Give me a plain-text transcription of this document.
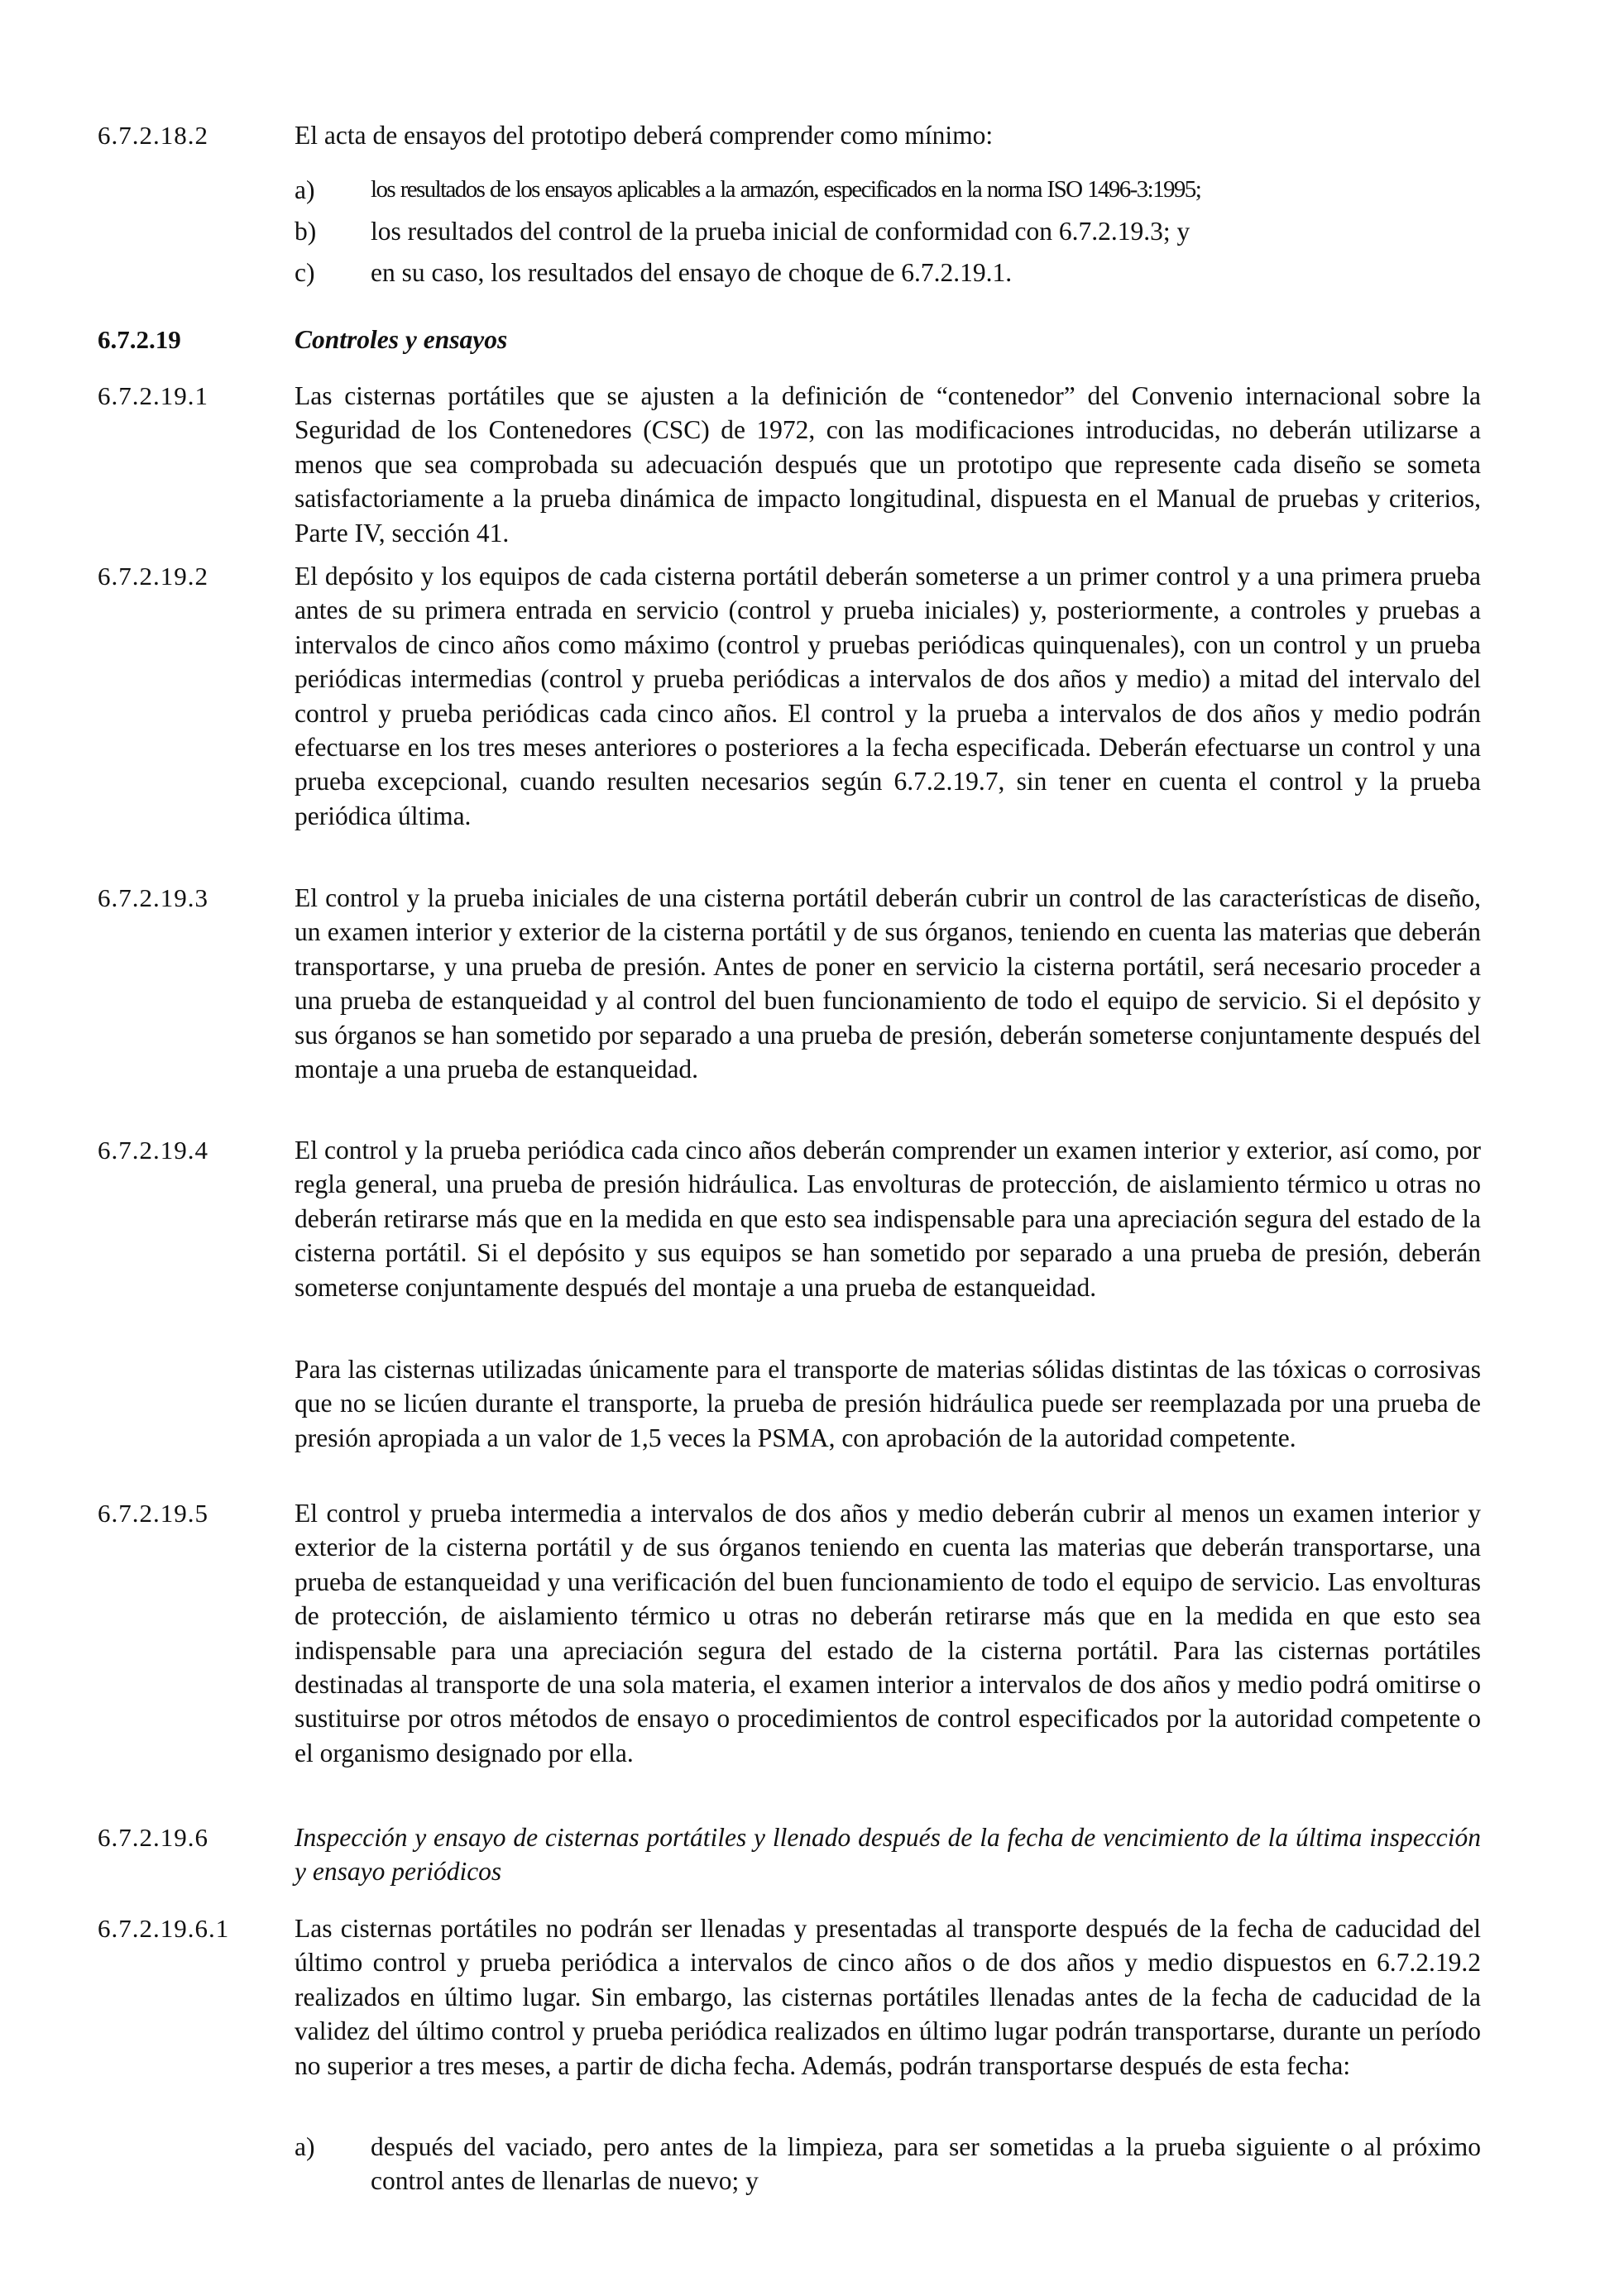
6.7.2.18.2	El acta de ensayos del prototipo deberá comprender como mínimo:
a)	los resultados de los ensayos aplicables a la armazón, especificados en la norma ISO 1496-3:1995;
b)	los resultados del control de la prueba inicial de conformidad con 6.7.2.19.3; y
c)	en su caso, los resultados del ensayo de choque de 6.7.2.19.1.
6.7.2.19	Controles y ensayos
6.7.2.19.1	Las cisternas portátiles que se ajusten a la definición de “contenedor” del Convenio internacional sobre la Seguridad de los Contenedores (CSC) de 1972, con las modificaciones introducidas, no deberán utilizarse a menos que sea comprobada su adecuación después que un prototipo que represente cada diseño se someta satisfactoriamente a la prueba dinámica de impacto longitudinal, dispuesta en el Manual de pruebas y criterios, Parte IV, sección 41.
6.7.2.19.2	El depósito y los equipos de cada cisterna portátil deberán someterse a un primer control y a una primera prueba antes de su primera entrada en servicio (control y prueba iniciales) y, posteriormente, a controles y pruebas a intervalos de cinco años como máximo (control y pruebas periódicas quinquenales), con un control y un prueba periódicas intermedias (control y prueba periódicas a intervalos de dos años y medio) a mitad del intervalo del control y prueba periódicas cada cinco años. El control y la prueba a intervalos de dos años y medio podrán efectuarse en los tres meses anteriores o posteriores a la fecha especificada. Deberán efectuarse un control y una prueba excepcional, cuando resulten necesarios según 6.7.2.19.7, sin tener en cuenta el control y la prueba periódica última.
6.7.2.19.3	El control y la prueba iniciales de una cisterna portátil deberán cubrir un control de las características de diseño, un examen interior y exterior de la cisterna portátil y de sus órganos, teniendo en cuenta las materias que deberán transportarse, y una prueba de presión. Antes de poner en servicio la cisterna portátil, será necesario proceder a una prueba de estanqueidad y al control del buen funcionamiento de todo el equipo de servicio. Si el depósito y sus órganos se han sometido por separado a una prueba de presión, deberán someterse conjuntamente después del montaje a una prueba de estanqueidad.
6.7.2.19.4	El control y la prueba periódica cada cinco años deberán comprender un examen interior y exterior, así como, por regla general, una prueba de presión hidráulica. Las envolturas de protección, de aislamiento térmico u otras no deberán retirarse más que en la medida en que esto sea indispensable para una apreciación segura del estado de la cisterna portátil. Si el depósito y sus equipos se han sometido por separado a una prueba de presión, deberán someterse conjuntamente después del montaje a una prueba de estanqueidad.
Para las cisternas utilizadas únicamente para el transporte de materias sólidas distintas de las tóxicas o corrosivas que no se licúen durante el transporte, la prueba de presión hidráulica puede ser reemplazada por una prueba de presión apropiada a un valor de 1,5 veces la PSMA, con aprobación de la autoridad competente.
6.7.2.19.5	El control y prueba intermedia a intervalos de dos años y medio deberán cubrir al menos un examen interior y exterior de la cisterna portátil y de sus órganos teniendo en cuenta las materias que deberán transportarse, una prueba de estanqueidad y una verificación del buen funcionamiento de todo el equipo de servicio. Las envolturas de protección, de aislamiento térmico u otras no deberán retirarse más que en la medida en que esto sea indispensable para una apreciación segura del estado de la cisterna portátil. Para las cisternas portátiles destinadas al transporte de una sola materia, el examen interior a intervalos de dos años y medio podrá omitirse o sustituirse por otros métodos de ensayo o procedimientos de control especificados por la autoridad competente o el organismo designado por ella.
6.7.2.19.6	Inspección y ensayo de cisternas portátiles y llenado después de la fecha de vencimiento de la última inspección y ensayo periódicos
6.7.2.19.6.1	Las cisternas portátiles no podrán ser llenadas y presentadas al transporte después de la fecha de caducidad del último control y prueba periódica a intervalos de cinco años o de dos años y medio dispuestos en 6.7.2.19.2 realizados en último lugar. Sin embargo, las cisternas portátiles llenadas antes de la fecha de caducidad de la validez del último control y prueba periódica realizados en último lugar podrán transportarse, durante un período no superior a tres meses, a partir de dicha fecha. Además, podrán transportarse después de esta fecha:
a)	después del vaciado, pero antes de la limpieza, para ser sometidas a la prueba siguiente o al próximo control antes de llenarlas de nuevo; y
